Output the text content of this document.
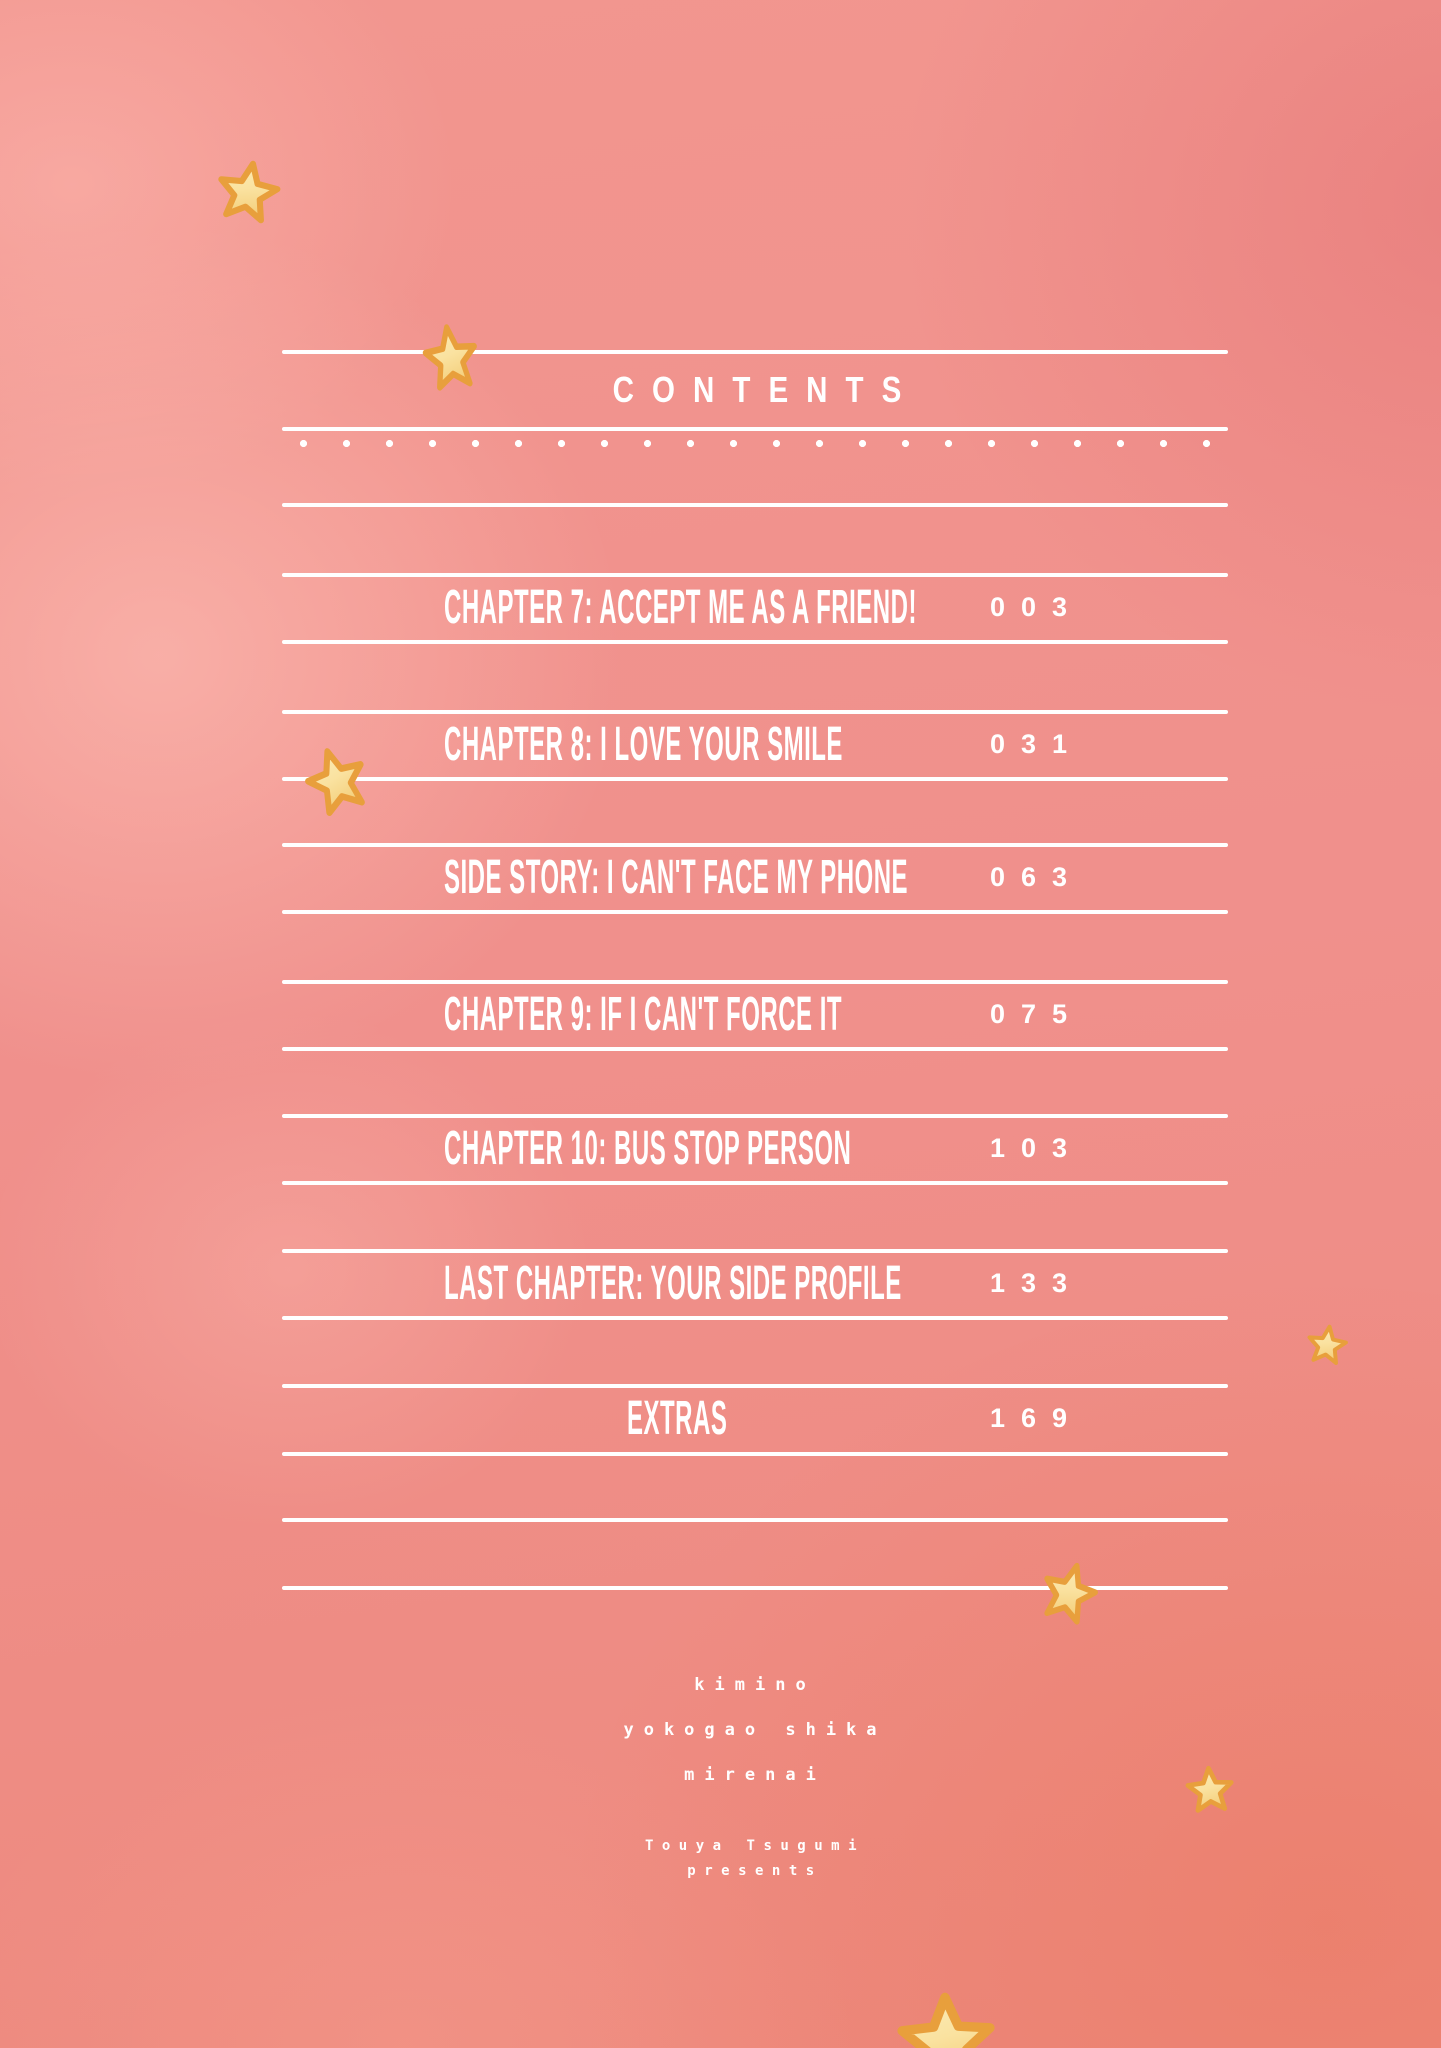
CONTENTS
CHAPTER 7: ACCEPT ME AS A FRIEND!	003
CHAPTER 8: I LOVE YOUR SMILE	031
SIDE STORY: I CAN'T FACE MY PHONE	063
CHAPTER 9: IF I CAN'T FORCE IT	075
CHAPTER 10: BUS STOP PERSON	103
LAST CHAPTER: YOUR SIDE PROFILE	133
EXTRAS	169
kimino
yokogao shika
mirenai
Touya Tsugumi
presents
